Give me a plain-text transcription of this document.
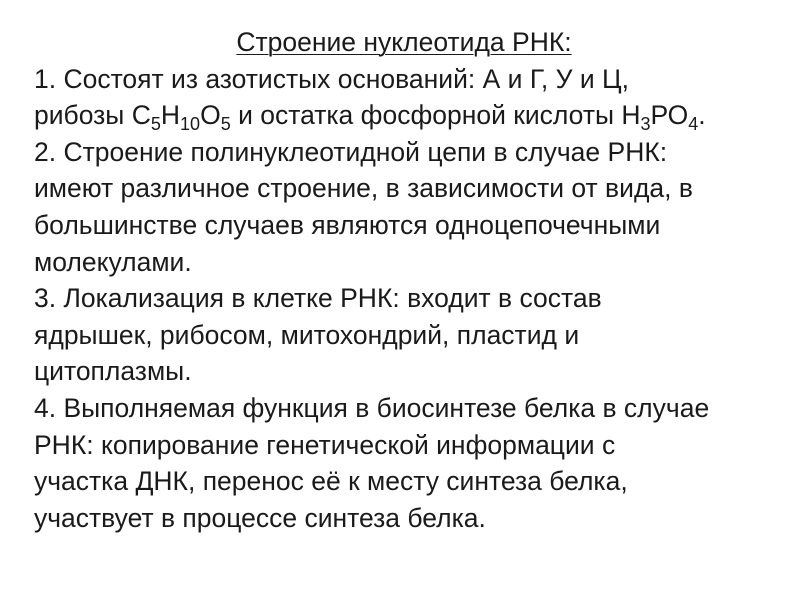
Строение нуклеотида РНК:

1. Состоят из азотистых оснований: А и Г, У и Ц,

рибозы $С_5Н_{10}О_5$ и остатка фосфорной кислоты $Н_3РО_4$.

2. Строение полинуклеотидной цепи в случае РНК:

имеют различное строение, в зависимости от вида, в

большинстве случаев являются одноцепочечными

молекулами.

3. Локализация в клетке РНК: входит в состав

ядрышек, рибосом, митохондрий, пластид и

цитоплазмы.

4. Выполняемая функция в биосинтезе белка в случае

РНК: копирование генетической информации с

участка ДНК, перенос её к месту синтеза белка,

участвует в процессе синтеза белка.
